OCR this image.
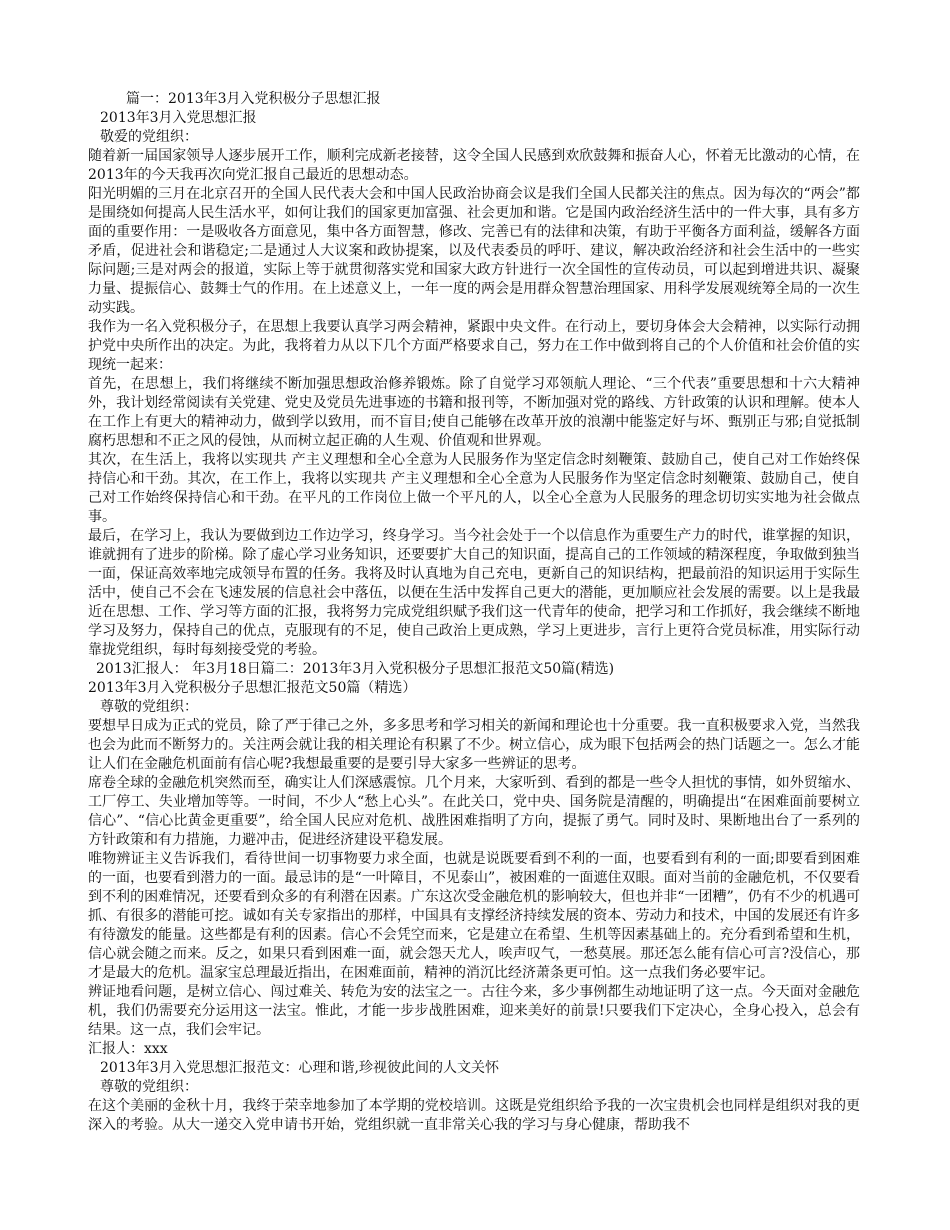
篇一：2013年3月入党积极分子思想汇报

2013年3月入党思想汇报

敬爱的党组织：

随着新一届国家领导人逐步展开工作，顺利完成新老接替，这令全国人民感到欢欣鼓舞和振奋人心，怀着无比激动的心情，在2013年的今天我再次向党汇报自己最近的思想动态。

阳光明媚的三月在北京召开的全国人民代表大会和中国人民政治协商会议是我们全国人民都关注的焦点。因为每次的“两会”都是围绕如何提高人民生活水平，如何让我们的国家更加富强、社会更加和谐。它是国内政治经济生活中的一件大事，具有多方面的重要作用：一是吸收各方面意见，集中各方面智慧，修改、完善已有的法律和决策，有助于平衡各方面利益，缓解各方面矛盾，促进社会和谐稳定;二是通过人大议案和政协提案，以及代表委员的呼吁、建议，解决政治经济和社会生活中的一些实际问题;三是对两会的报道，实际上等于就贯彻落实党和国家大政方针进行一次全国性的宣传动员，可以起到增进共识、凝聚力量、提振信心、鼓舞士气的作用。在上述意义上，一年一度的两会是用群众智慧治理国家、用科学发展观统筹全局的一次生动实践。

我作为一名入党积极分子，在思想上我要认真学习两会精神，紧跟中央文件。在行动上，要切身体会大会精神，以实际行动拥护党中央所作出的决定。为此，我将着力从以下几个方面严格要求自己，努力在工作中做到将自己的个人价值和社会价值的实现统一起来：

首先，在思想上，我们将继续不断加强思想政治修养锻炼。除了自觉学习邓领航人理论、“三个代表”重要思想和十六大精神外，我计划经常阅读有关党建、党史及党员先进事迹的书籍和报刊等，不断加强对党的路线、方针政策的认识和理解。使本人在工作上有更大的精神动力，做到学以致用，而不盲目;使自己能够在改革开放的浪潮中能鉴定好与坏、甄别正与邪;自觉抵制腐朽思想和不正之风的侵蚀，从而树立起正确的人生观、价值观和世界观。

其次，在生活上，我将以实现共 产主义理想和全心全意为人民服务作为坚定信念时刻鞭策、鼓励自己，使自己对工作始终保持信心和干劲。其次，在工作上，我将以实现共 产主义理想和全心全意为人民服务作为坚定信念时刻鞭策、鼓励自己，使自己对工作始终保持信心和干劲。在平凡的工作岗位上做一个平凡的人，以全心全意为人民服务的理念切切实实地为社会做点事。

最后，在学习上，我认为要做到边工作边学习，终身学习。当今社会处于一个以信息作为重要生产力的时代，谁掌握的知识，谁就拥有了进步的阶梯。除了虚心学习业务知识，还要要扩大自己的知识面，提高自己的工作领域的精深程度，争取做到独当一面，保证高效率地完成领导布置的任务。我将及时认真地为自己充电，更新自己的知识结构，把最前沿的知识运用于实际生活中，使自己不会在飞速发展的信息社会中落伍，以便在生活中发挥自己更大的潜能，更加顺应社会发展的需要。以上是我最近在思想、工作、学习等方面的汇报，我将努力完成党组织赋予我们这一代青年的使命，把学习和工作抓好，我会继续不断地学习及努力，保持自己的优点，克服现有的不足，使自己政治上更成熟，学习上更进步，言行上更符合党员标准，用实际行动靠拢党组织，每时每刻接受党的考验。

2013汇报人： 年3月18日篇二：2013年3月入党积极分子思想汇报范文50篇(精选)

2013年3月入党积极分子思想汇报范文50篇（精选）

尊敬的党组织：

要想早日成为正式的党员，除了严于律己之外，多多思考和学习相关的新闻和理论也十分重要。我一直积极要求入党，当然我也会为此而不断努力的。关注两会就让我的相关理论有积累了不少。树立信心，成为眼下包括两会的热门话题之一。怎么才能让人们在金融危机面前有信心呢?我想最重要的是要引导大家多一些辨证的思考。

席卷全球的金融危机突然而至，确实让人们深感震惊。几个月来，大家听到、看到的都是一些令人担忧的事情，如外贸缩水、工厂停工、失业增加等等。一时间，不少人“愁上心头”。在此关口，党中央、国务院是清醒的，明确提出“在困难面前要树立信心”、“信心比黄金更重要”，给全国人民应对危机、战胜困难指明了方向，提振了勇气。同时及时、果断地出台了一系列的方针政策和有力措施，力避冲击，促进经济建设平稳发展。

唯物辨证主义告诉我们，看待世间一切事物要力求全面，也就是说既要看到不利的一面，也要看到有利的一面;即要看到困难的一面，也要看到潜力的一面。最忌讳的是“一叶障目，不见泰山”，被困难的一面遮住双眼。面对当前的金融危机，不仅要看到不利的困难情况，还要看到众多的有利潜在因素。广东这次受金融危机的影响较大，但也并非“一团糟”，仍有不少的机遇可抓、有很多的潜能可挖。诚如有关专家指出的那样，中国具有支撑经济持续发展的资本、劳动力和技术，中国的发展还有许多有待激发的能量。这些都是有利的因素。信心不会凭空而来，它是建立在希望、生机等因素基础上的。充分看到希望和生机，信心就会随之而来。反之，如果只看到困难一面，就会怨天尤人，唉声叹气，一愁莫展。那还怎么能有信心可言?没信心，那才是最大的危机。温家宝总理最近指出，在困难面前，精神的消沉比经济萧条更可怕。这一点我们务必要牢记。

辨证地看问题，是树立信心、闯过难关、转危为安的法宝之一。古往今来，多少事例都生动地证明了这一点。今天面对金融危机，我们仍需要充分运用这一法宝。惟此，才能一步步战胜困难，迎来美好的前景!只要我们下定决心，全身心投入，总会有结果。这一点，我们会牢记。

汇报人：xxx

2013年3月入党思想汇报范文：心理和谐,珍视彼此间的人文关怀

尊敬的党组织：

在这个美丽的金秋十月，我终于荣幸地参加了本学期的党校培训。这既是党组织给予我的一次宝贵机会也同样是组织对我的更深入的考验。从大一递交入党申请书开始，党组织就一直非常关心我的学习与身心健康，帮助我不
